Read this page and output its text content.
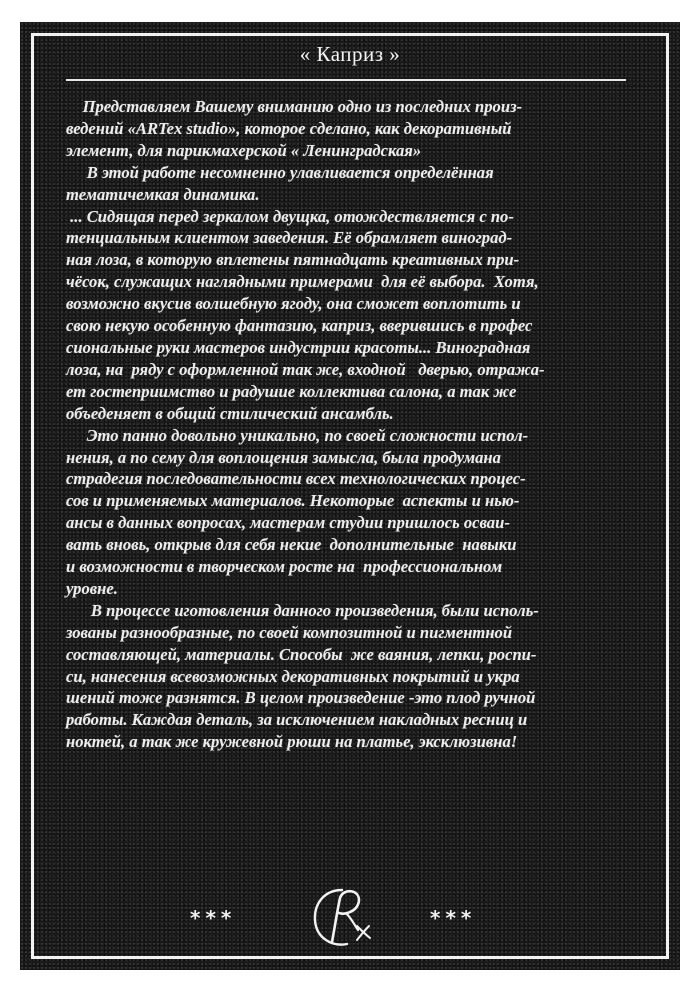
« Каприз »
Представляем Вашему вниманию одно из последних произ-
ведений «ARTex studio», которое сделано, как декоративный
элемент, для парикмахерской « Ленинградская»
В этой работе несомненно улавливается определённая
тематичемкая динамика.
... Сидящая перед зеркалом двущка, отождествляется с по-
тенциальным клиентом заведения. Её обрамляет виноград-
ная лоза, в которую вплетены пятнадцать креативных при-
чёсок, служащих наглядными примерами  для её выбора.  Хотя,
возможно вкусив волшебную ягоду, она сможет воплотить и
свою некую особенную фантазию, каприз, вверившись в профес
сиональные руки мастеров индустрии красоты... Виноградная
лоза, на  ряду с оформленной так же, входной   дверью, отража-
ет гостеприимство и радушие коллектива салона, а так же
объеденяет в общий стилический ансамбль.
Это панно довольно уникально, по своей сложности испол-
нения, а по сему для воплощения замысла, была продумана
страдегия последовательности всех технологических процес-
сов и применяемых материалов. Некоторые  аспекты и нью-
ансы в данных вопросах, мастерам студии пришлось осваи-
вать вновь, открыв для себя некие  дополнительные  навыки
и возможности в творческом росте на  профессиональном
уровне.
В процессе иготовления данного произведения, были исполь-
зованы разнообразные, по своей композитной и пигментной
составляющей, материалы. Способы  же ваяния, лепки, роспи-
си, нанесения всевозможных декоративных покрытий и укра
шений тоже разнятся. В целом произведение -это плод ручной
работы. Каждая деталь, за исключением накладных ресниц и
ноктей, а так же кружевной рюши на платье, эксклюзивна!
***	***
